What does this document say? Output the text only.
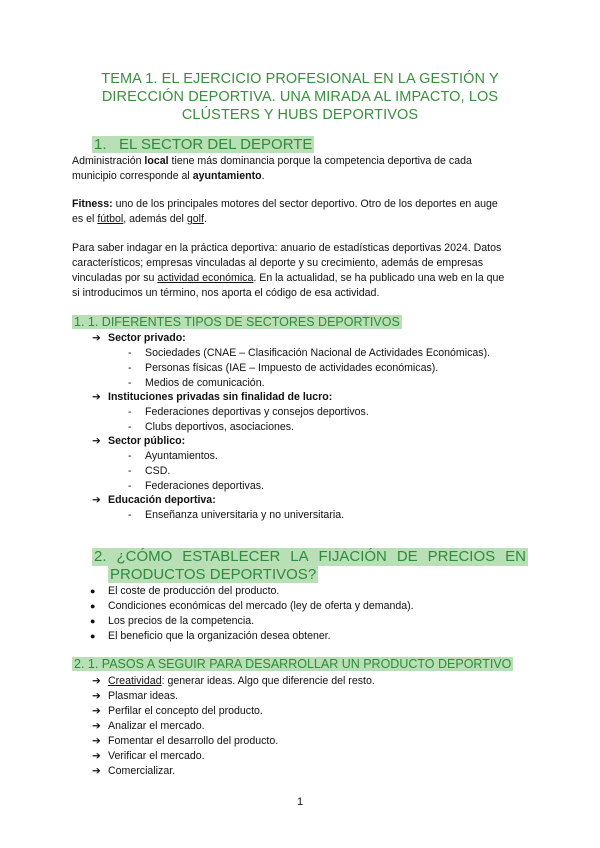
TEMA 1. EL EJERCICIO PROFESIONAL EN LA GESTIÓN Y
DIRECCIÓN DEPORTIVA. UNA MIRADA AL IMPACTO, LOS
CLÚSTERS Y HUBS DEPORTIVOS
1. EL SECTOR DEL DEPORTE
Administración local tiene más dominancia porque la competencia deportiva de cada
municipio corresponde al ayuntamiento.
Fitness: uno de los principales motores del sector deportivo. Otro de los deportes en auge
es el fútbol, además del golf.
Para saber indagar en la práctica deportiva: anuario de estadísticas deportivas 2024. Datos
característicos; empresas vinculadas al deporte y su crecimiento, además de empresas
vinculadas por su actividad económica. En la actualidad, se ha publicado una web en la que
si introducimos un término, nos aporta el código de esa actividad.
1. 1. DIFERENTES TIPOS DE SECTORES DEPORTIVOS
➔ Sector privado:
- Sociedades (CNAE – Clasificación Nacional de Actividades Económicas).
- Personas físicas (IAE – Impuesto de actividades económicas).
- Medios de comunicación.
➔ Instituciones privadas sin finalidad de lucro:
- Federaciones deportivas y consejos deportivos.
- Clubs deportivos, asociaciones.
➔ Sector público:
- Ayuntamientos.
- CSD.
- Federaciones deportivas.
➔ Educación deportiva:
- Enseñanza universitaria y no universitaria.
2. ¿CÓMO ESTABLECER LA FIJACIÓN DE PRECIOS EN
PRODUCTOS DEPORTIVOS?
● El coste de producción del producto.
● Condiciones económicas del mercado (ley de oferta y demanda).
● Los precios de la competencia.
● El beneficio que la organización desea obtener.
2. 1. PASOS A SEGUIR PARA DESARROLLAR UN PRODUCTO DEPORTIVO
➔ Creatividad: generar ideas. Algo que diferencie del resto.
➔ Plasmar ideas.
➔ Perfilar el concepto del producto.
➔ Analizar el mercado.
➔ Fomentar el desarrollo del producto.
➔ Verificar el mercado.
➔ Comercializar.
1
